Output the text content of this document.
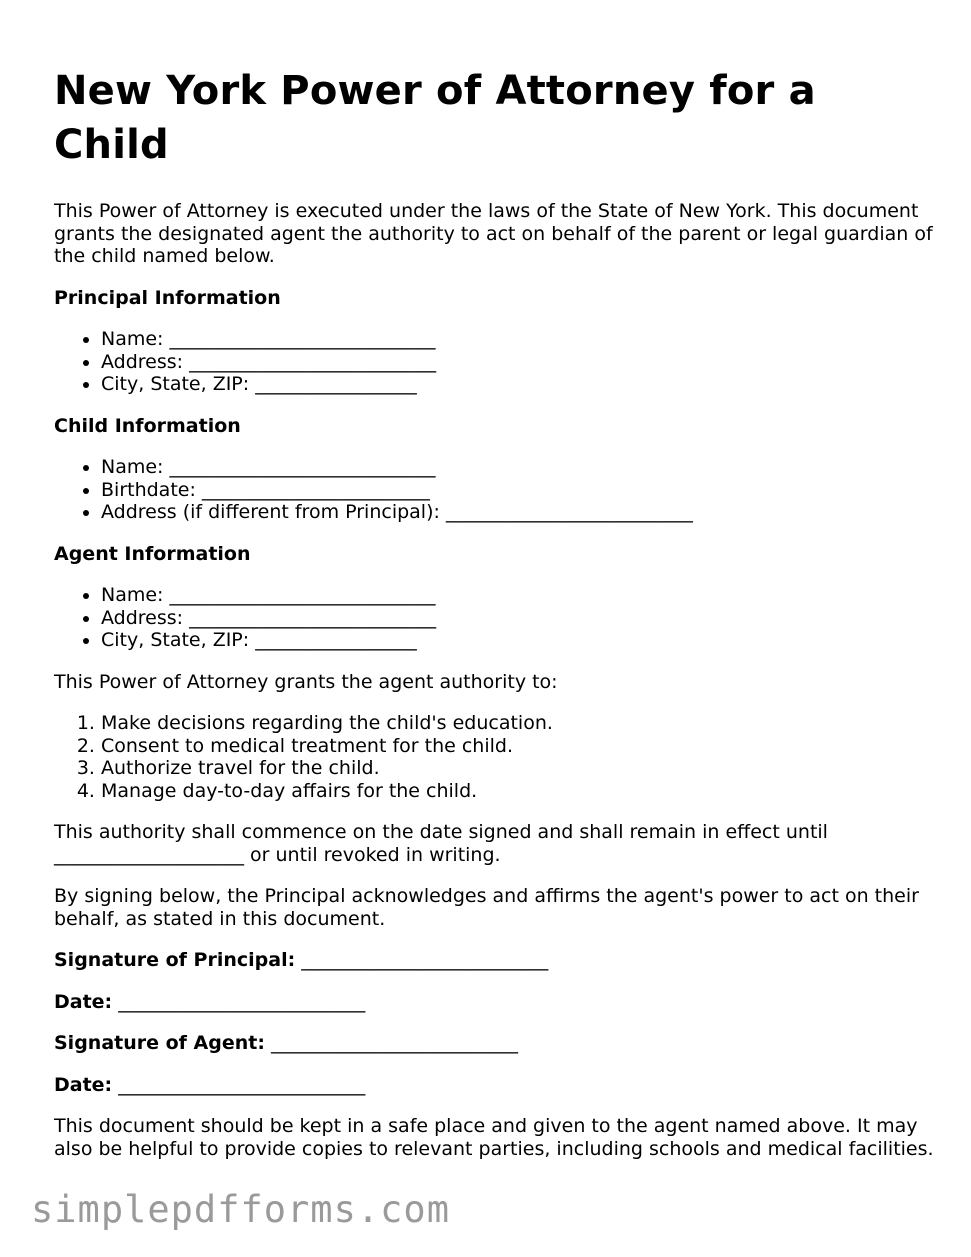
New York Power of Attorney for a Child

This Power of Attorney is executed under the laws of the State of New York. This document grants the designated agent the authority to act on behalf of the parent or legal guardian of the child named below.

Principal Information
• Name: ____________________________
• Address: __________________________
• City, State, ZIP: _________________
Child Information
• Name: ____________________________
• Birthdate: ________________________
• Address (if different from Principal): __________________________
Agent Information
• Name: ____________________________
• Address: __________________________
• City, State, ZIP: _________________

This Power of Attorney grants the agent authority to:

1. Make decisions regarding the child's education.
2. Consent to medical treatment for the child.
3. Authorize travel for the child.
4. Manage day-to-day affairs for the child.

This authority shall commence on the date signed and shall remain in effect until ____________________ or until revoked in writing.

By signing below, the Principal acknowledges and affirms the agent's power to act on their behalf, as stated in this document.

Signature of Principal: __________________________
Date: __________________________
Signature of Agent: __________________________
Date: __________________________

This document should be kept in a safe place and given to the agent named above. It may also be helpful to provide copies to relevant parties, including schools and medical facilities.

simplepdfforms.com
